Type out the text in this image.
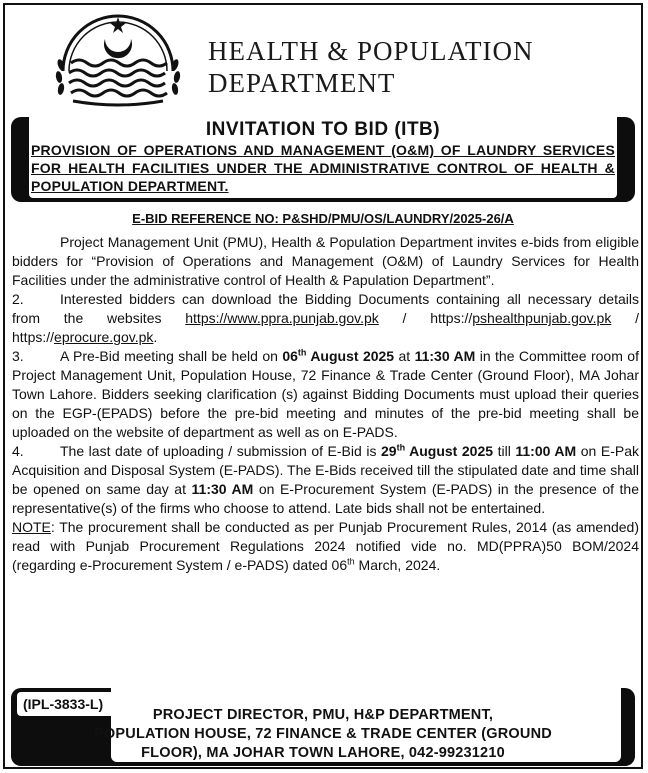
HEALTH & POPULATION
DEPARTMENT
INVITATION TO BID (ITB)
PROVISION OF OPERATIONS AND MANAGEMENT (O&M) OF LAUNDRY SERVICES FOR HEALTH FACILITIES UNDER THE ADMINISTRATIVE CONTROL OF HEALTH & POPULATION DEPARTMENT.
E-BID REFERENCE NO: P&SHD/PMU/OS/LAUNDRY/2025-26/A

Project Management Unit (PMU), Health & Population Department invites e-bids from eligible bidders for “Provision of Operations and Management (O&M) of Laundry Services for Health Facilities under the administrative control of Health & Papulation Department”.

2.	Interested bidders can download the Bidding Documents containing all necessary details from the websites https://www.ppra.punjab.gov.pk / https://pshealthpunjab.gov.pk / https://eprocure.gov.pk.

3.	A Pre-Bid meeting shall be held on 06th August 2025 at 11:30 AM in the Committee room of Project Management Unit, Population House, 72 Finance & Trade Center (Ground Floor), MA Johar Town Lahore. Bidders seeking clarification (s) against Bidding Documents must upload their queries on the EGP-(EPADS) before the pre-bid meeting and minutes of the pre-bid meeting shall be uploaded on the website of department as well as on E-PADS.

4.	The last date of uploading / submission of E-Bid is 29th August 2025 till 11:00 AM on E-Pak Acquisition and Disposal System (E-PADS). The E-Bids received till the stipulated date and time shall be opened on same day at 11:30 AM on E-Procurement System (E-PADS) in the presence of the representative(s) of the firms who choose to attend. Late bids shall not be entertained.

NOTE: The procurement shall be conducted as per Punjab Procurement Rules, 2014 (as amended) read with Punjab Procurement Regulations 2024 notified vide no. MD(PPRA)50 BOM/2024 (regarding e-Procurement System / e-PADS) dated 06th March, 2024.

(IPL-3833-L)
PROJECT DIRECTOR, PMU, H&P DEPARTMENT,
POPULATION HOUSE, 72 FINANCE & TRADE CENTER (GROUND
FLOOR), MA JOHAR TOWN LAHORE, 042-99231210
